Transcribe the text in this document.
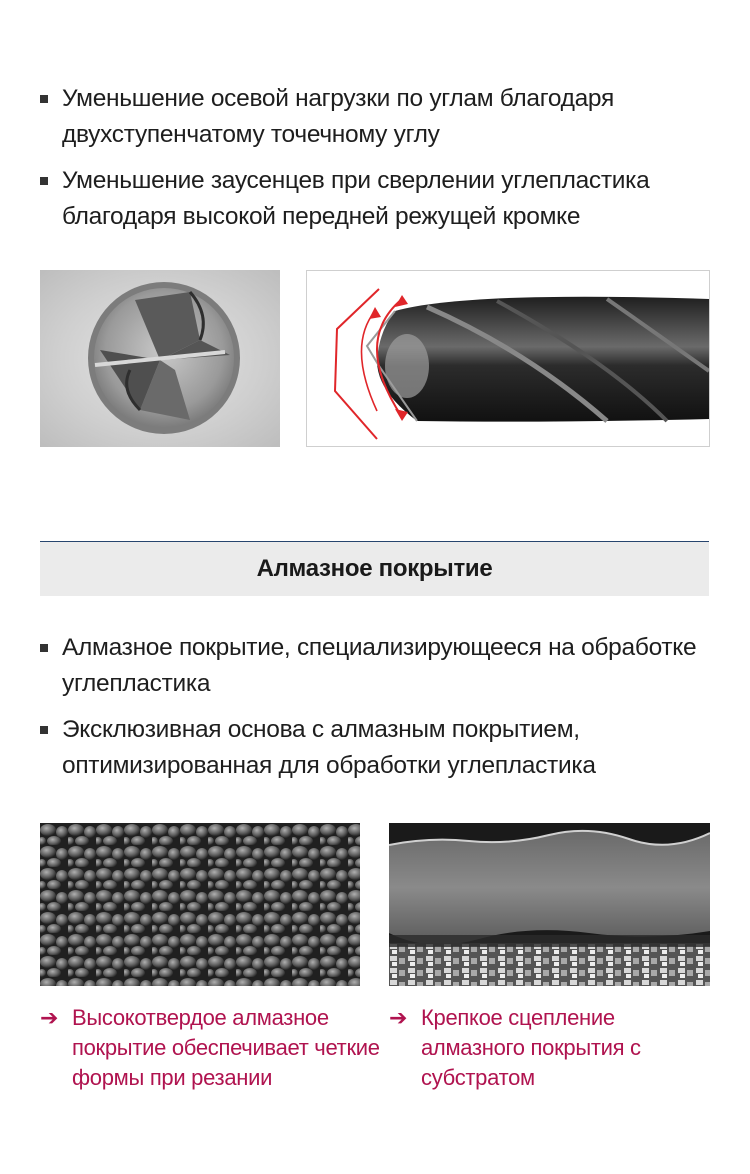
Уменьшение осевой нагрузки по углам благодаря двухступенчатому точечному углу
Уменьшение заусенцев при сверлении углепластика благодаря высокой передней режущей кромке
Алмазное покрытие
Алмазное покрытие, специализирующееся на обработке углепластика
Эксклюзивная основа с алмазным покрытием, оптимизированная для обработки углепластика
➔ Высокотвердое алмазное покрытие обеспечивает четкие формы при резании
➔ Крепкое сцепление алмазного покрытия с субстратом
